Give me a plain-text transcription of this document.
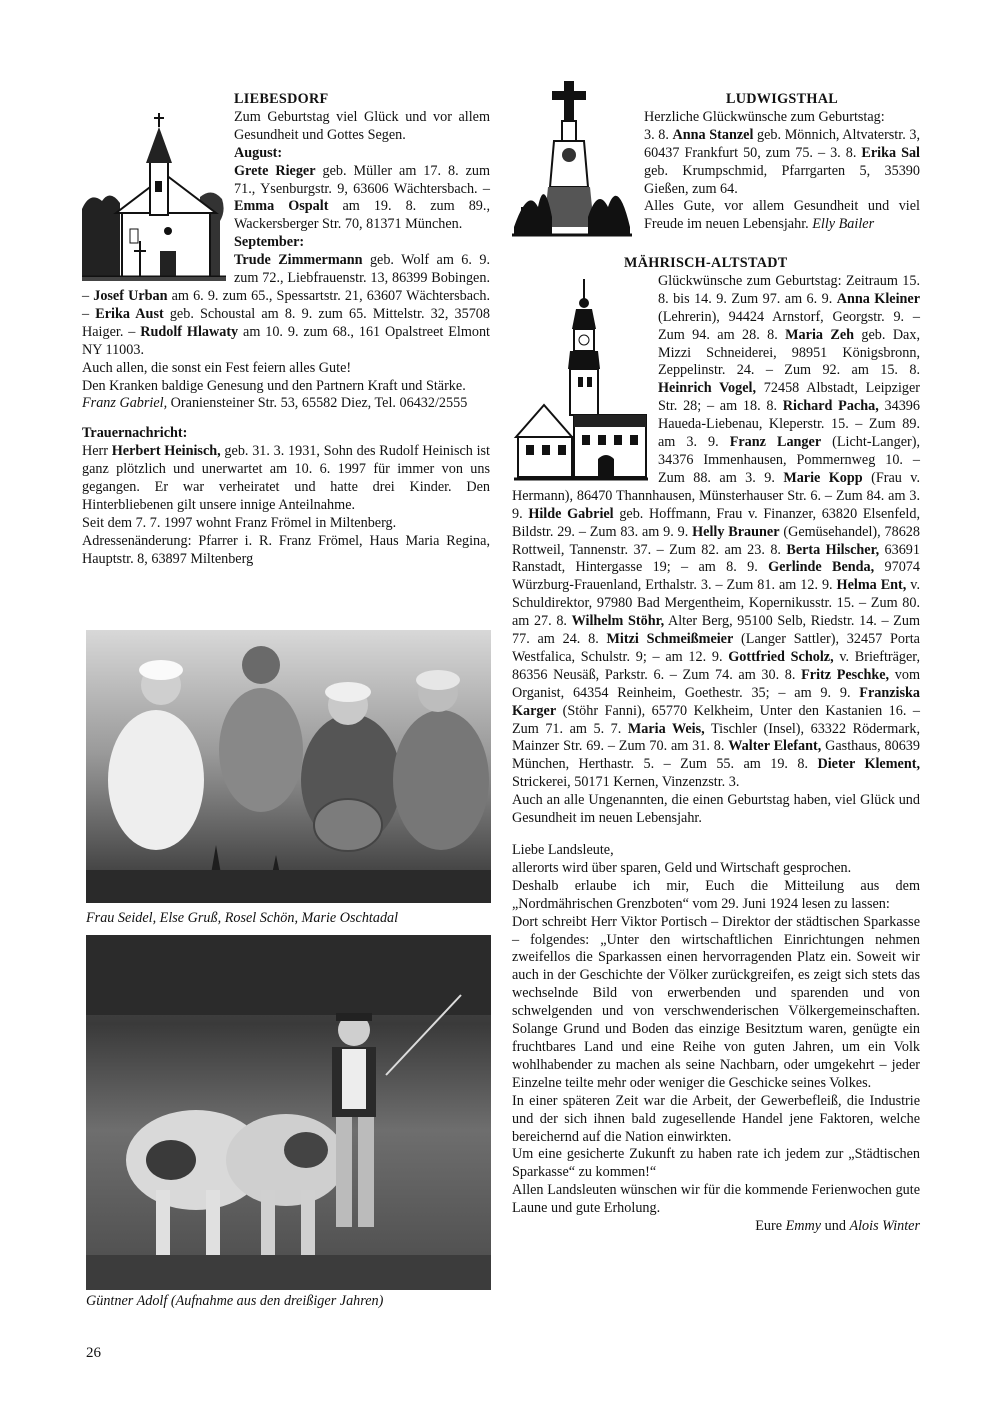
LIEBESDORF

Zum Geburtstag viel Glück und vor allem Gesundheit und Gottes Segen.

August:

Grete Rieger geb. Müller am 17. 8. zum 71., Ysenburgstr. 9, 63606 Wächtersbach. – Emma Ospalt am 19. 8. zum 89., Wackersberger Str. 70, 81371 München.

September:

Trude Zimmermann geb. Wolf am 6. 9. zum 72., Liebfrauenstr. 13, 86399 Bobingen. – Josef Urban am 6. 9. zum 65., Spessartstr. 21, 63607 Wächtersbach. – Erika Aust geb. Schoustal am 8. 9. zum 65. Mittelstr. 32, 35708 Haiger. – Rudolf Hlawaty am 10. 9. zum 68., 161 Opalstreet Elmont NY 11003.

Auch allen, die sonst ein Fest feiern alles Gute!

Den Kranken baldige Genesung und den Partnern Kraft und Stärke.

Franz Gabriel, Oraniensteiner Str. 53, 65582 Diez, Tel. 06432/2555

Trauernachricht:

Herr Herbert Heinisch, geb. 31. 3. 1931, Sohn des Rudolf Heinisch ist ganz plötzlich und unerwartet am 10. 6. 1997 für immer von uns gegangen. Er war verheiratet und hatte drei Kinder. Den Hinterbliebenen gilt unsere innige Anteilnahme.

Seit dem 7. 7. 1997 wohnt Franz Frömel in Miltenberg.

Adressenänderung: Pfarrer i. R. Franz Frömel, Haus Maria Regina, Hauptstr. 8, 63897 Miltenberg

Frau Seidel, Else Gruß, Rosel Schön, Marie Oschtadal
Güntner Adolf (Aufnahme aus den dreißiger Jahren)
26

LUDWIGSTHAL

Herzliche Glückwünsche zum Geburtstag:

3. 8. Anna Stanzel geb. Mönnich, Altvaterstr. 3, 60437 Frankfurt 50, zum 75. – 3. 8. Erika Sal geb. Krumpschmid, Pfarrgarten 5, 35390 Gießen, zum 64.

Alles Gute, vor allem Gesundheit und viel Freude im neuen Lebensjahr. Elly Bailer

MÄHRISCH-ALTSTADT

Glückwünsche zum Geburtstag: Zeitraum 15. 8. bis 14. 9. Zum 97. am 6. 9. Anna Kleiner (Lehrerin), 94424 Arnstorf, Georgstr. 9. – Zum 94. am 28. 8. Maria Zeh geb. Dax, Mizzi Schneiderei, 98951 Königsbronn, Zeppelinstr. 24. – Zum 92. am 15. 8. Heinrich Vogel, 72458 Albstadt, Leipziger Str. 28; – am 18. 8. Richard Pacha, 34396 Haueda-Liebenau, Kleperstr. 15. – Zum 89. am 3. 9. Franz Langer (Licht-Langer), 34376 Immenhausen, Pommernweg 10. – Zum 88. am 3. 9. Marie Kopp (Frau v. Hermann), 86470 Thannhausen, Münsterhauser Str. 6. – Zum 84. am 3. 9. Hilde Gabriel geb. Hoffmann, Frau v. Finanzer, 63820 Elsenfeld, Bildstr. 29. – Zum 83. am 9. 9. Helly Brauner (Gemüsehandel), 78628 Rottweil, Tannenstr. 37. – Zum 82. am 23. 8. Berta Hilscher, 63691 Ranstadt, Hintergasse 19; – am 8. 9. Gerlinde Benda, 97074 Würzburg-Frauenland, Erthalstr. 3. – Zum 81. am 12. 9. Helma Ent, v. Schuldirektor, 97980 Bad Mergentheim, Kopernikusstr. 15. – Zum 80. am 27. 8. Wilhelm Stöhr, Alter Berg, 95100 Selb, Riedstr. 14. – Zum 77. am 24. 8. Mitzi Schmeißmeier (Langer Sattler), 32457 Porta Westfalica, Schulstr. 9; – am 12. 9. Gottfried Scholz, v. Briefträger, 86356 Neusäß, Parkstr. 6. – Zum 74. am 30. 8. Fritz Peschke, vom Organist, 64354 Reinheim, Goethestr. 35; – am 9. 9. Franziska Karger (Stöhr Fanni), 65770 Kelkheim, Unter den Kastanien 16. – Zum 71. am 5. 7. Maria Weis, Tischler (Insel), 63322 Rödermark, Mainzer Str. 69. – Zum 70. am 31. 8. Walter Elefant, Gasthaus, 80639 München, Herthastr. 5. – Zum 55. am 19. 8. Dieter Klement, Strickerei, 50171 Kernen, Vinzenzstr. 3.

Auch an alle Ungenannten, die einen Geburtstag haben, viel Glück und Gesundheit im neuen Lebensjahr.

Liebe Landsleute,

allerorts wird über sparen, Geld und Wirtschaft gesprochen.

Deshalb erlaube ich mir, Euch die Mitteilung aus dem „Nordmährischen Grenzboten“ vom 29. Juni 1924 lesen zu lassen:

Dort schreibt Herr Viktor Portisch – Direktor der städtischen Sparkasse – folgendes: „Unter den wirtschaftlichen Einrichtungen nehmen zweifellos die Sparkassen einen hervorragenden Platz ein. Soweit wir auch in der Geschichte der Völker zurückgreifen, es zeigt sich stets das wechselnde Bild von erwerbenden und sparenden und von schwelgenden und von verschwenderischen Völkergemeinschaften. Solange Grund und Boden das einzige Besitztum waren, genügte ein fruchtbares Land und eine Reihe von guten Jahren, um ein Volk wohlhabender zu machen als seine Nachbarn, oder umgekehrt – jeder Einzelne teilte mehr oder weniger die Geschicke seines Volkes.

In einer späteren Zeit war die Arbeit, der Gewerbefleiß, die Industrie und der sich ihnen bald zugesellende Handel jene Faktoren, welche bereichernd auf die Nation einwirkten.

Um eine gesicherte Zukunft zu haben rate ich jedem zur „Städtischen Sparkasse“ zu kommen!“

Allen Landsleuten wünschen wir für die kommende Ferienwochen gute Laune und gute Erholung.

Eure Emmy und Alois Winter
